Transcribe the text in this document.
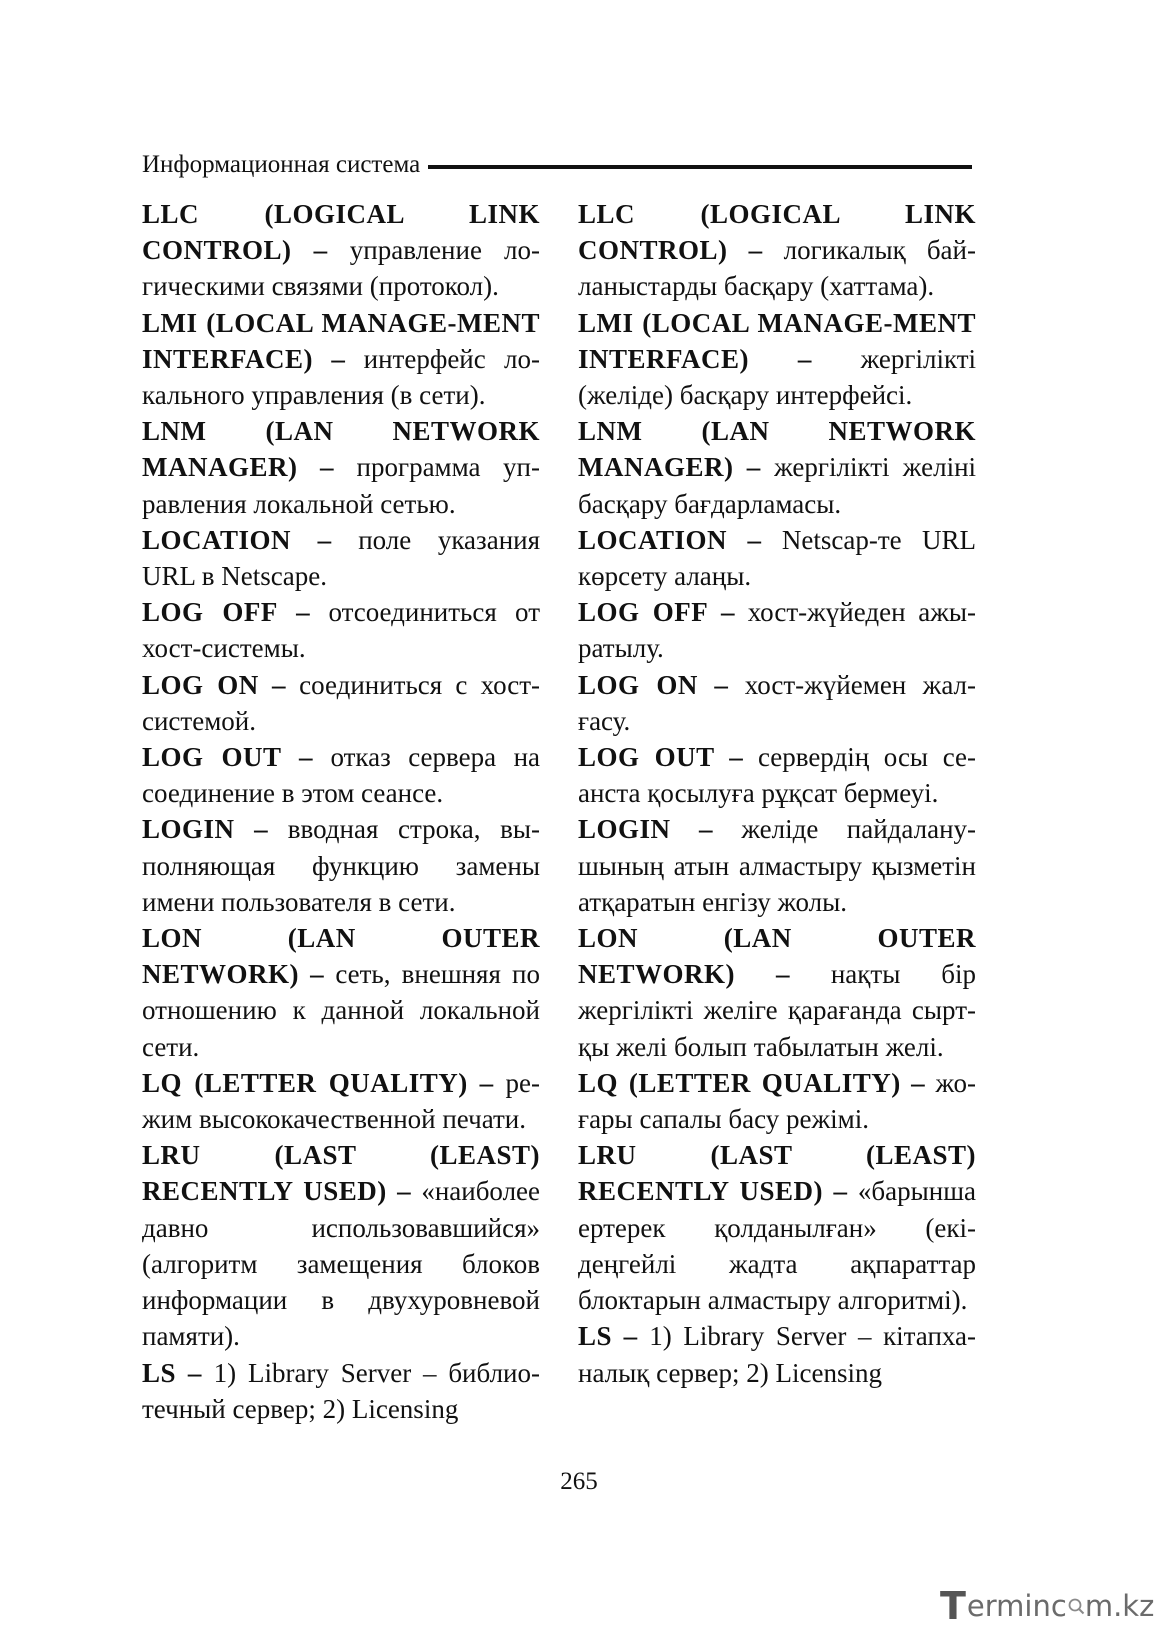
Информационная система

LLC (LOGICAL LINK CONTROL) – управление логическими связями (протокол).

LMI (LOCAL MANAGE-MENT INTERFACE) – интерфейс локального управления (в сети).

LNM (LAN NETWORK MANAGER) – программа управления локальной сетью.

LOCATION – поле указания URL в Netscape.

LOG OFF – отсоединиться от хост-системы.

LOG ON – соединиться с хост-системой.

LOG OUT – отказ сервера на соединение в этом сеансе.

LOGIN – вводная строка, выполняющая функцию замены имени пользователя в сети.

LON (LAN OUTER NETWORK) – сеть, внешняя по отношению к данной локальной сети.

LQ (LETTER QUALITY) – режим высококачественной печати.

LRU (LAST (LEAST) RECENTLY USED) – «наиболее давно использовавшийся» (алгоритм замещения блоков информации в двухуровневой памяти).

LS – 1) Library Server – библиотечный сервер; 2) Licensing

LLC (LOGICAL LINK CONTROL) – логикалық байланыстарды басқару (хаттама).

LMI (LOCAL MANAGE-MENT INTERFACE) – жергілікті (желіде) басқару интерфейсі.

LNM (LAN NETWORK MANAGER) – жергілікті желіні басқару бағдарламасы.

LOCATION – Netscap-те URL көрсету алаңы.

LOG OFF – хост-жүйеден ажыратылу.

LOG ON – хост-жүйемен жалғасу.

LOG OUT – сервердің осы сеанста қосылуға рұқсат бермеуі.

LOGIN – желіде пайдаланушының атын алмастыру қызметін атқаратын енгізу жолы.

LON (LAN OUTER NETWORK) – нақты бір жергілікті желіге қарағанда сыртқы желі болып табылатын желі.

LQ (LETTER QUALITY) – жоғары сапалы басу режімі.

LRU (LAST (LEAST) RECENTLY USED) – «барынша ертерек қолданылған» (екідеңгейлі жадта ақпараттар блоктарын алмастыру алгоритмі).

LS – 1) Library Server – кітапханалық сервер; 2) Licensing

265
T ermin c m.kz
